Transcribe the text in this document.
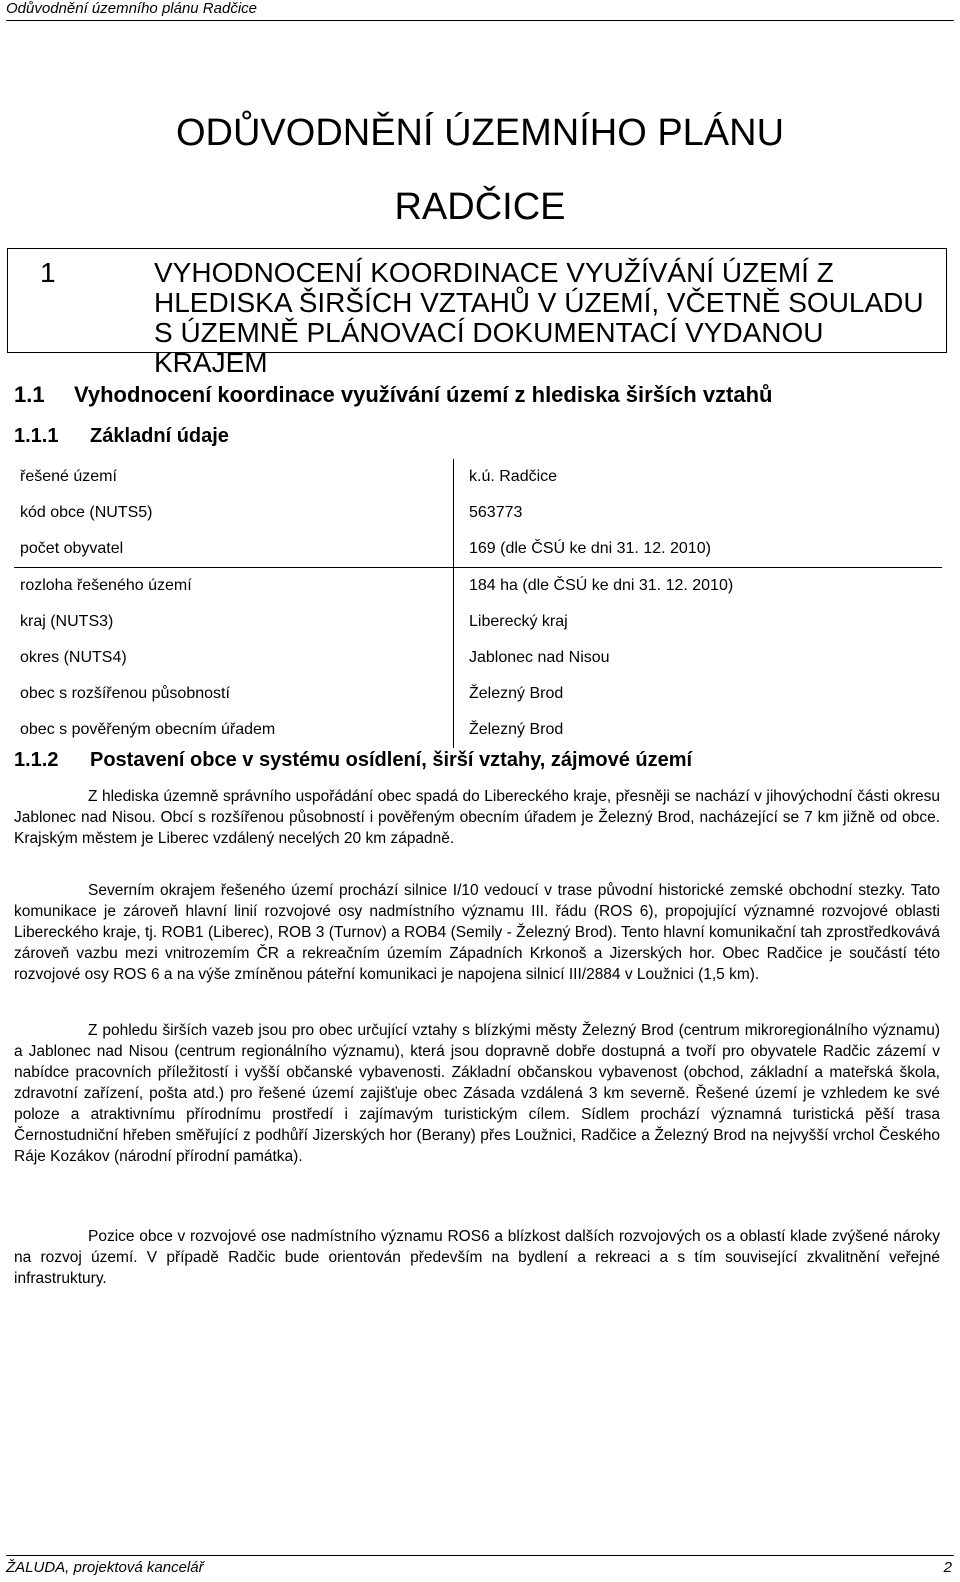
Odůvodnění územního plánu Radčice
ODŮVODNĚNÍ ÚZEMNÍHO PLÁNU
RADČICE
1	VYHODNOCENÍ KOORDINACE VYUŽÍVÁNÍ ÚZEMÍ Z HLEDISKA ŠIRŠÍCH VZTAHŮ V ÚZEMÍ, VČETNĚ SOULADU S ÚZEMNĚ PLÁNOVACÍ DOKUMENTACÍ VYDANOU KRAJEM
1.1 Vyhodnocení koordinace využívání území z hlediska širších vztahů
1.1.1 Základní údaje
řešené území	k.ú. Radčice
kód obce (NUTS5)	563773
počet obyvatel	169 (dle ČSÚ ke dni 31. 12. 2010)
rozloha řešeného území	184 ha (dle ČSÚ ke dni 31. 12. 2010)
kraj (NUTS3)	Liberecký kraj
okres (NUTS4)	Jablonec nad Nisou
obec s rozšířenou působností	Železný Brod
obec s pověřeným obecním úřadem	Železný Brod
1.1.2 Postavení obce v systému osídlení, širší vztahy, zájmové území

Z hlediska územně správního uspořádání obec spadá do Libereckého kraje, přesněji se nachází v jihovýchodní části okresu Jablonec nad Nisou. Obcí s rozšířenou působností i pověřeným obecním úřadem je Železný Brod, nacházející se 7 km jižně od obce. Krajským městem je Liberec vzdálený necelých 20 km západně.

Severním okrajem řešeného území prochází silnice I/10 vedoucí v trase původní historické zemské obchodní stezky. Tato komunikace je zároveň hlavní linií rozvojové osy nadmístního významu III. řádu (ROS 6), propojující významné rozvojové oblasti Libereckého kraje, tj. ROB1 (Liberec), ROB 3 (Turnov) a ROB4 (Semily - Železný Brod). Tento hlavní komunikační tah zprostředkovává zároveň vazbu mezi vnitrozemím ČR a rekreačním územím Západních Krkonoš a Jizerských hor. Obec Radčice je součástí této rozvojové osy ROS 6 a na výše zmíněnou páteřní komunikaci je napojena silnicí III/2884 v Loužnici (1,5 km).

Z pohledu širších vazeb jsou pro obec určující vztahy s blízkými městy Železný Brod (centrum mikroregionálního významu) a Jablonec nad Nisou (centrum regionálního významu), která jsou dopravně dobře dostupná a tvoří pro obyvatele Radčic zázemí v nabídce pracovních příležitostí i vyšší občanské vybavenosti. Základní občanskou vybavenost (obchod, základní a mateřská škola, zdravotní zařízení, pošta atd.) pro řešené území zajišťuje obec Zásada vzdálená 3 km severně. Řešené území je vzhledem ke své poloze a atraktivnímu přírodnímu prostředí i zajímavým turistickým cílem. Sídlem prochází významná turistická pěší trasa Černostudniční hřeben směřující z podhůří Jizerských hor (Berany) přes Loužnici, Radčice a Železný Brod na nejvyšší vrchol Českého Ráje Kozákov (národní přírodní památka).

Pozice obce v rozvojové ose nadmístního významu ROS6 a blízkost dalších rozvojových os a oblastí klade zvýšené nároky na rozvoj území. V případě Radčic bude orientován především na bydlení a rekreaci a s tím související zkvalitnění veřejné infrastruktury.

ŽALUDA, projektová kancelář	2
